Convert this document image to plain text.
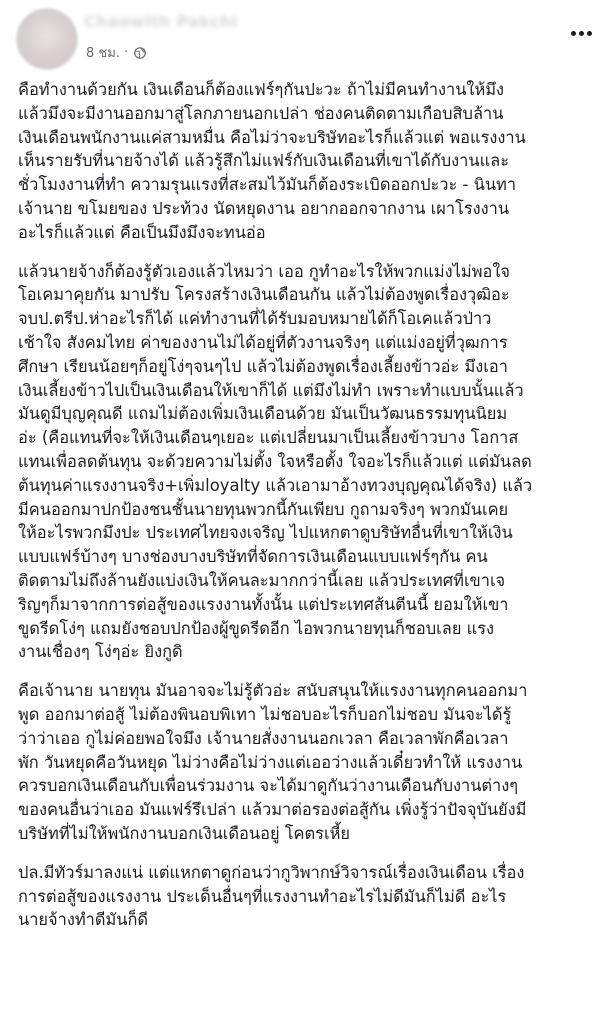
Chaowith Pakchi
8 ชม. ·

คือทำงานด้วยกัน เงินเดือนก็ต้องแฟร์ๆกันปะวะ ถ้าไม่มีคนทำงานให้มึง
แล้วมึงจะมีงานออกมาสู่โลกภายนอกเปล่า ช่องคนติดตามเกือบสิบล้าน
เงินเดือนพนักงานแค่สามหมื่น คือไม่ว่าจะบริษัทอะไรก็แล้วแต่ พอแรงงาน
เห็นรายรับที่นายจ้างได้ แล้วรู้สึกไม่แฟร์กับเงินเดือนที่เขาได้กับงานและ
ชั่วโมงงานที่ทำ ความรุนแรงที่สะสมไว้มันก็ต้องระเบิดออกปะวะ - นินทา
เจ้านาย ขโมยของ ประท้วง นัดหยุดงาน อยากออกจากงาน เผาโรงงาน
อะไรก็แล้วแต่ คือเป็นมึงมึงจะทนอ่อ

แล้วนายจ้างก็ต้องรู้ตัวเองแล้วไหมว่า เออ กูทำอะไรให้พวกแม่งไม่พอใจ
โอเคมาคุยกัน มาปรับ โครงสร้างเงินเดือนกัน แล้วไม่ต้องพูดเรื่องวุฒิอะ
จบป.ตรีป.ห่าอะไรก็ได้ แค่ทำงานที่ได้รับมอบหมายได้ก็โอเคแล้วป่าว
เช้าใจ สังคมไทย ค่าของงานไม่ได้อยู่ที่ตัวงานจริงๆ แต่แม่งอยู่ที่วุฒการ
ศึกษา เรียนน้อยๆก็อยู่โง่ๆจนๆไป แล้วไม่ต้องพูดเรื่องเลี้ยงข้าวอ่ะ มึงเอา
เงินเลี้ยงข้าวไปเป็นเงินเดือนให้เขาก็ได้ แต่มึงไม่ทำ เพราะทำแบบนั้นแล้ว
มันดูมีบุญคุณดี แถมไม่ต้องเพิ่มเงินเดือนด้วย มันเป็นวัฒนธรรมทุนนิยม
อ่ะ (คือแทนที่จะให้เงินเดือนๆเยอะ แต่เปลี่ยนมาเป็นเลี้ยงข้าวบาง โอกาส
แทนเพื่อลดต้นทุน จะด้วยความไม่ตั้ง ใจหรือตั้ง ใจอะไรก็แล้วแต่ แต่มันลด
ต้นทุนค่าแรงงานจริง+เพิ่มloyalty แล้วเอามาอ้างทวงบุญคุณได้จริง) แล้ว
มีคนออกมาปกป้องชนชั้นนายทุนพวกนี้กันเพียบ กูถามจริงๆ พวกมันเคย
ให้อะไรพวกมึงปะ ประเทศไทยจงเจริญ ไปแหกตาดูบริษัทอื่นที่เขาให้เงิน
แบบแฟร์บ้างๆ บางช่องบางบริษัทที่จัดการเงินเดือนแบบแฟร์ๆกัน คน
ติดตามไม่ถึงล้านยังแบ่งเงินให้คนละมากกว่านี้เลย แล้วประเทศที่เขาเจ
ริญๆก็มาจากการต่อสู้ของแรงงานทั้งนั้น แต่ประเทศส้นตีนนี้ ยอมให้เขา
ขูดรีดโง่ๆ แถมยังชอบปกป้องผู้ขูดรีดอีก ไอพวกนายทุนก็ชอบเลย แรง
งานเชื่องๆ โง่ๆอ่ะ ยิงกูดิ

คือเจ้านาย นายทุน มันอาจจะไม่รู้ตัวอ่ะ สนับสนุนให้แรงงานทุกคนออกมา
พูด ออกมาต่อสู้ ไม่ต้องพินอบพิเทา ไม่ชอบอะไรก็บอกไม่ชอบ มันจะได้รู้
ว่าว่าเออ กูไม่ค่อยพอใจมึง เจ้านายสั่งงานนอกเวลา คือเวลาพักคือเวลา
พัก วันหยุดคือวันหยุด ไม่ว่างคือไม่ว่างแต่เออว่างแล้วเดี๋ยวทำให้ แรงงาน
ควรบอกเงินเดือนกับเพื่อนร่วมงาน จะได้มาดูกันว่างานเดือนกับงานต่างๆ
ของคนอื่นว่าเออ มันแฟร์รึเปล่า แล้วมาต่อรองต่อสู้กัน เพิ่งรู้ว่าปัจจุบันยังมี
บริษัทที่ไม่ให้พนักงานบอกเงินเดือนอยู่ โคตรเหี้ย

ปล.มีทัวร์มาลงแน่ แต่แหกตาดูก่อนว่ากูวิพากษ์วิจารณ์เรื่องเงินเดือน เรื่อง
การต่อสู้ของแรงงาน ประเด็นอื่นๆที่แรงงานทำอะไรไม่ดีมันก็ไม่ดี อะไร
นายจ้างทำดีมันก็ดี
